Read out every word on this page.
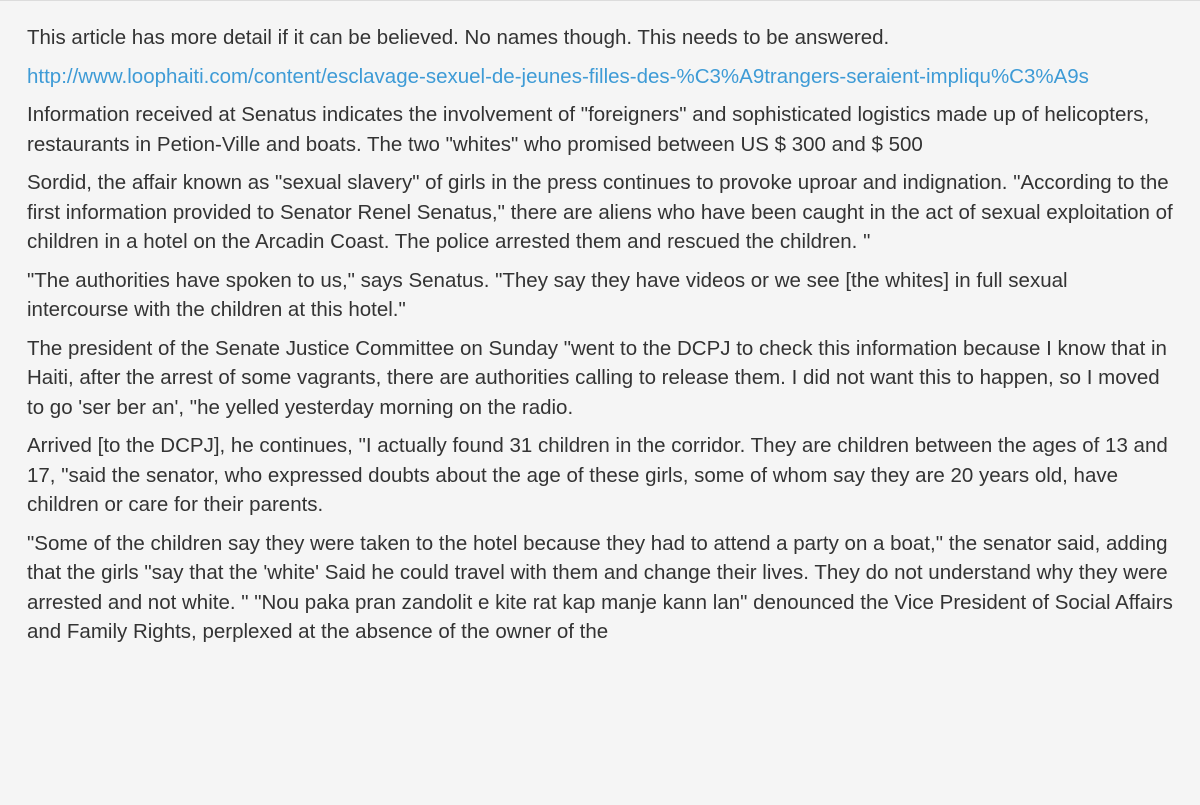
This article has more detail if it can be believed. No names though. This needs to be answered.

http://www.loophaiti.com/content/esclavage-sexuel-de-jeunes-filles-des-%C3%A9trangers-seraient-impliqu%C3%A9s

Information received at Senatus indicates the involvement of "foreigners" and sophisticated logistics made up of helicopters, restaurants in Petion-Ville and boats. The two "whites" who promised between US $ 300 and $ 500

Sordid, the affair known as "sexual slavery" of girls in the press continues to provoke uproar and indignation. "According to the first information provided to Senator Renel Senatus," there are aliens who have been caught in the act of sexual exploitation of children in a hotel on the Arcadin Coast. The police arrested them and rescued the children. "

"The authorities have spoken to us," says Senatus. "They say they have videos or we see [the whites] in full sexual intercourse with the children at this hotel."

The president of the Senate Justice Committee on Sunday "went to the DCPJ to check this information because I know that in Haiti, after the arrest of some vagrants, there are authorities calling to release them. I did not want this to happen, so I moved to go 'ser ber an', "he yelled yesterday morning on the radio.

Arrived [to the DCPJ], he continues, "I actually found 31 children in the corridor. They are children between the ages of 13 and 17, "said the senator, who expressed doubts about the age of these girls, some of whom say they are 20 years old, have children or care for their parents.

"Some of the children say they were taken to the hotel because they had to attend a party on a boat," the senator said, adding that the girls "say that the 'white' Said he could travel with them and change their lives. They do not understand why they were arrested and not white. " "Nou paka pran zandolit e kite rat kap manje kann lan" denounced the Vice President of Social Affairs and Family Rights, perplexed at the absence of the owner of the
